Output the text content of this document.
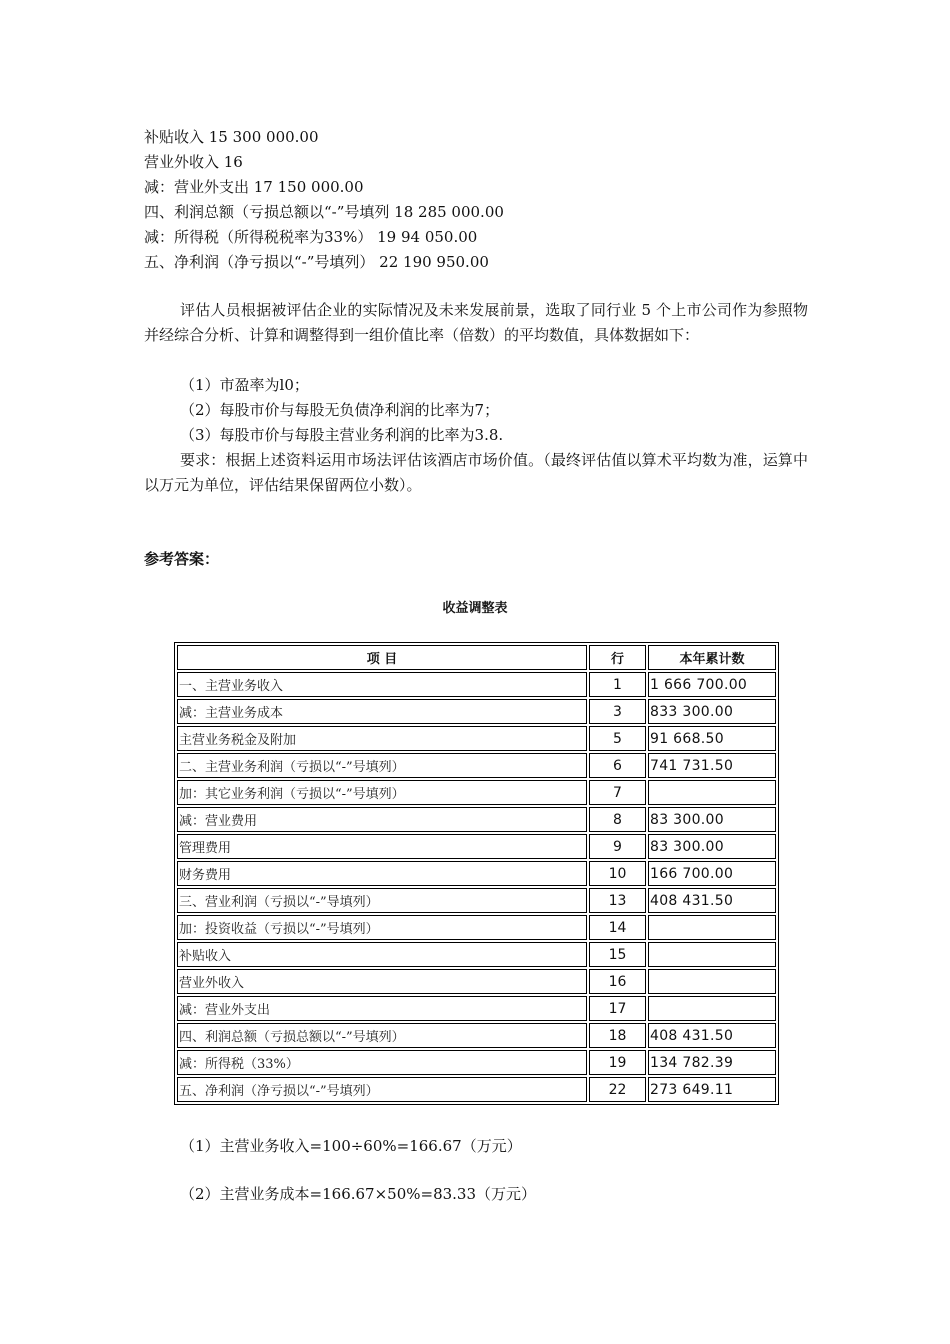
补贴收入 15 300 000.00
营业外收入 16
减：营业外支出 17 150 000.00
四、利润总额（亏损总额以“-”号填列 18 285 000.00
减：所得税（所得税税率为33%） 19 94 050.00
五、净利润（净亏损以“-”号填列） 22 190 950.00
评估人员根据被评估企业的实际情况及未来发展前景，选取了同行业 5 个上市公司作为参照物并经综合分析、计算和调整得到一组价值比率（倍数）的平均数值，具体数据如下：
（1）市盈率为l0；
（2）每股市价与每股无负债净利润的比率为7；
（3）每股市价与每股主营业务利润的比率为3.8.
要求：根据上述资料运用市场法评估该酒店市场价值。（最终评估值以算术平均数为准，运算中以万元为单位，评估结果保留两位小数）。
参考答案：
收益调整表
项 目	行	本年累计数
一、主营业务收入	1	1 666 700.00
减：主营业务成本	3	833 300.00
主营业务税金及附加	5	91 668.50
二、主营业务利润（亏损以“-”号填列）	6	741 731.50
加：其它业务利润（亏损以“-”号填列）	7	
减：营业费用	8	83 300.00
管理费用	9	83 300.00
财务费用	10	166 700.00
三、营业利润（亏损以“-”导填列）	13	408 431.50
加：投资收益（亏损以“-”号填列）	14	
补贴收入	15	
营业外收入	16	
减：营业外支出	17	
四、利润总额（亏损总额以“-”号填列）	18	408 431.50
减：所得税（33%）	19	134 782.39
五、净利润（净亏损以“-”号填列）	22	273 649.11
（1）主营业务收入=100÷60%=166.67（万元）
（2）主营业务成本=166.67×50%=83.33（万元）
